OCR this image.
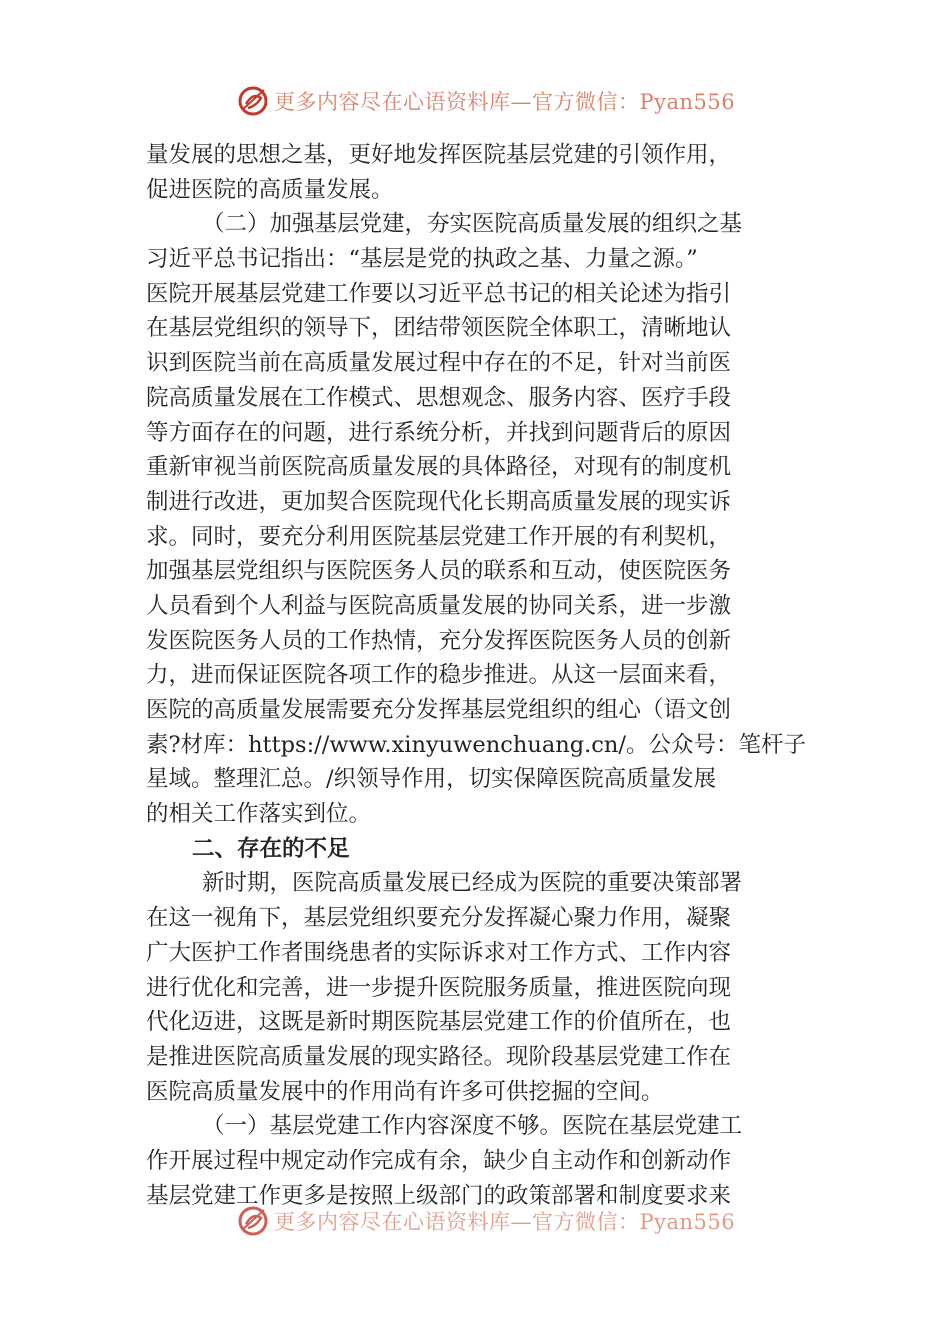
更多内容尽在心语资料库—官方微信：Pyan556
量发展的思想之基，更好地发挥医院基层党建的引领作用，
促进医院的高质量发展。
（二）加强基层党建，夯实医院高质量发展的组织之基
习近平总书记指出：“基层是党的执政之基、力量之源。”
医院开展基层党建工作要以习近平总书记的相关论述为指引
在基层党组织的领导下，团结带领医院全体职工，清晰地认
识到医院当前在高质量发展过程中存在的不足，针对当前医
院高质量发展在工作模式、思想观念、服务内容、医疗手段
等方面存在的问题，进行系统分析，并找到问题背后的原因
重新审视当前医院高质量发展的具体路径，对现有的制度机
制进行改进，更加契合医院现代化长期高质量发展的现实诉
求。同时，要充分利用医院基层党建工作开展的有利契机，
加强基层党组织与医院医务人员的联系和互动，使医院医务
人员看到个人利益与医院高质量发展的协同关系，进一步激
发医院医务人员的工作热情，充分发挥医院医务人员的创新
力，进而保证医院各项工作的稳步推进。从这一层面来看，
医院的高质量发展需要充分发挥基层党组织的组心（语文创
素?材库：https://www.xinyuwenchuang.cn/。公众号：笔杆子
星域。整理汇总。/织领导作用，切实保障医院高质量发展
的相关工作落实到位。
二、存在的不足
新时期，医院高质量发展已经成为医院的重要决策部署
在这一视角下，基层党组织要充分发挥凝心聚力作用，凝聚
广大医护工作者围绕患者的实际诉求对工作方式、工作内容
进行优化和完善，进一步提升医院服务质量，推进医院向现
代化迈进，这既是新时期医院基层党建工作的价值所在，也
是推进医院高质量发展的现实路径。现阶段基层党建工作在
医院高质量发展中的作用尚有许多可供挖掘的空间。
（一）基层党建工作内容深度不够。医院在基层党建工
作开展过程中规定动作完成有余，缺少自主动作和创新动作
基层党建工作更多是按照上级部门的政策部署和制度要求来
更多内容尽在心语资料库—官方微信：Pyan556
